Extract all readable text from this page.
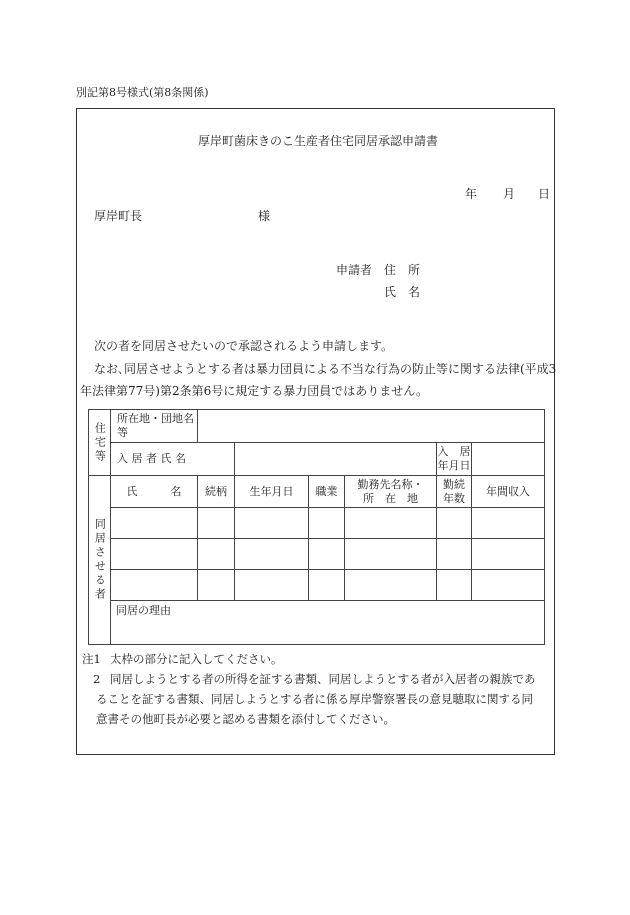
別記第8号様式(第8条関係)
厚岸町菌床きのこ生産者住宅同居承認申請書
年 月 日
厚岸町長	様
申請者 住　所
氏　名
次の者を同居させたいので承認されるよう申請します。
なお､同居させようとする者は暴力団員による不当な行為の防止等に関する法律(平成3
年法律第77号)第2条第6号に規定する暴力団員ではありません。
住宅等	所在地・団地名等						
	入 居 者 氏 名					入　居
年月日	

同居させる者	氏　　　名	続柄	生年月日	職業	勤務先名称・
所　在　地	勤続
年数	年間収入

	同居の理由						
注1 太枠の部分に記入してください。
2 同居しようとする者の所得を証する書類、同居しようとする者が入居者の親族であ
ることを証する書類、同居しようとする者に係る厚岸警察署長の意見聴取に関する同
意書その他町長が必要と認める書類を添付してください。
